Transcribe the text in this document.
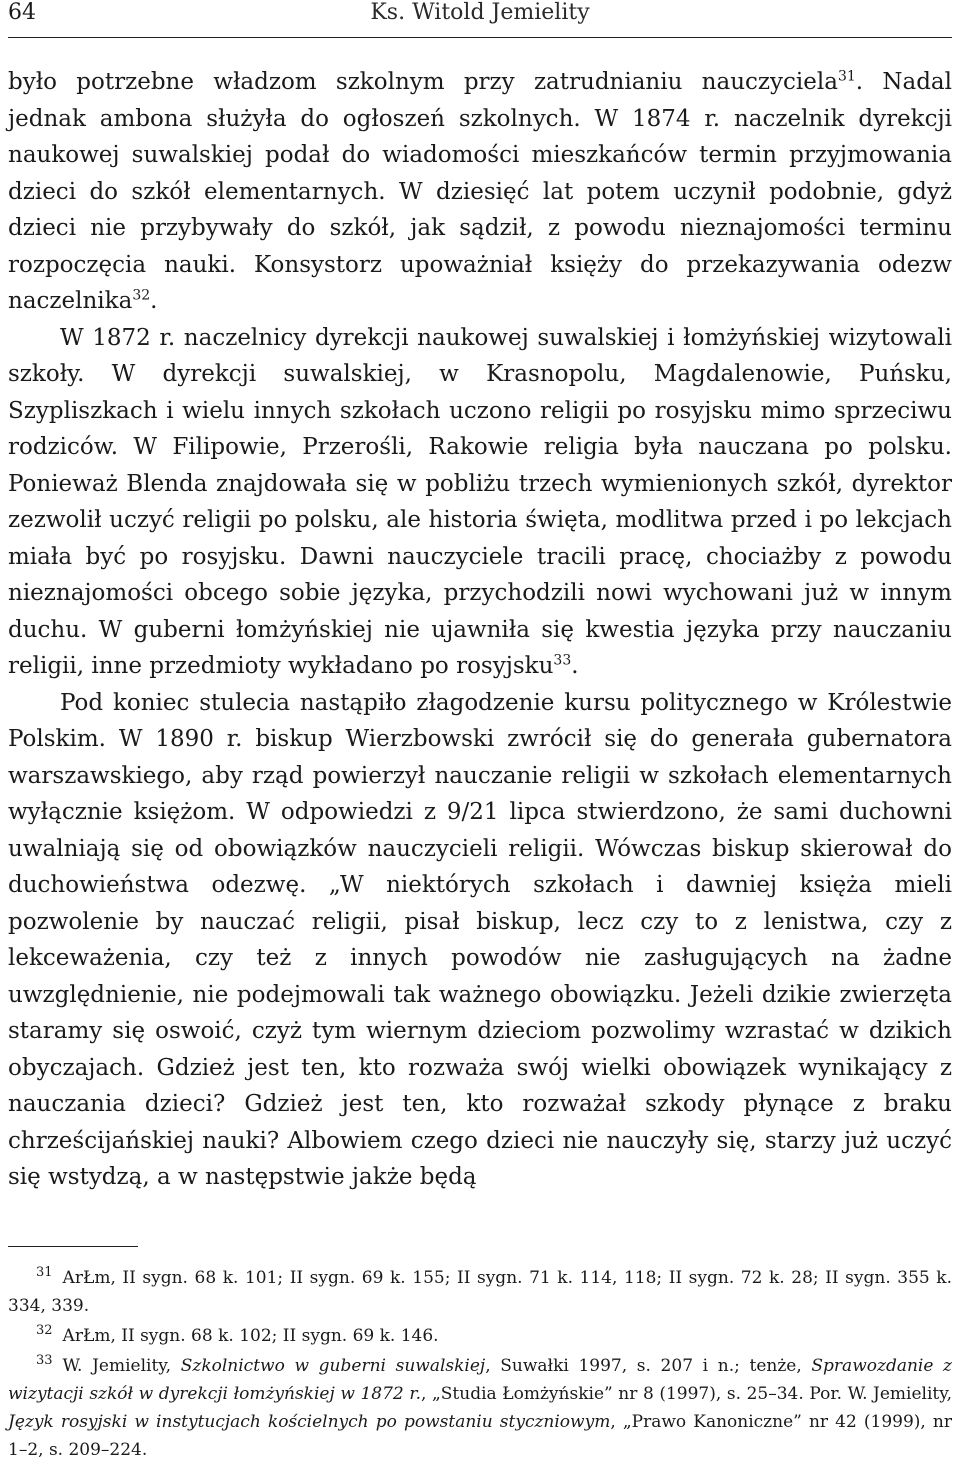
64	Ks. Witold Jemielity

było potrzebne władzom szkolnym przy zatrudnianiu nauczyciela$^{31}$. Nadal jednak ambona służyła do ogłoszeń szkolnych. W 1874 r. naczelnik dyrekcji naukowej suwalskiej podał do wiadomości mieszkańców termin przyjmowania dzieci do szkół elementarnych. W dziesięć lat potem uczynił podobnie, gdyż dzieci nie przybywały do szkół, jak sądził, z powodu nieznajomości terminu rozpoczęcia nauki. Konsystorz upoważniał księży do przekazywania odezw naczelnika$^{32}$.

W 1872 r. naczelnicy dyrekcji naukowej suwalskiej i łomżyńskiej wizytowali szkoły. W dyrekcji suwalskiej, w Krasnopolu, Magdalenowie, Puńsku, Szypliszkach i wielu innych szkołach uczono religii po rosyjsku mimo sprzeciwu rodziców. W Filipowie, Przerośli, Rakowie religia była nauczana po polsku. Ponieważ Blenda znajdowała się w pobliżu trzech wymienionych szkół, dyrektor zezwolił uczyć religii po polsku, ale historia święta, modlitwa przed i po lekcjach miała być po rosyjsku. Dawni nauczyciele tracili pracę, chociażby z powodu nieznajomości obcego sobie języka, przychodzili nowi wychowani już w innym duchu. W guberni łomżyńskiej nie ujawniła się kwestia języka przy nauczaniu religii, inne przedmioty wykładano po rosyjsku$^{33}$.

Pod koniec stulecia nastąpiło złagodzenie kursu politycznego w Królestwie Polskim. W 1890 r. biskup Wierzbowski zwrócił się do generała gubernatora warszawskiego, aby rząd powierzył nauczanie religii w szkołach elementarnych wyłącznie księżom. W odpowiedzi z 9/21 lipca stwierdzono, że sami duchowni uwalniają się od obowiązków nauczycieli religii. Wówczas biskup skierował do duchowieństwa odezwę. „W niektórych szkołach i dawniej księża mieli pozwolenie by nauczać religii, pisał biskup, lecz czy to z lenistwa, czy z lekceważenia, czy też z innych powodów nie zasługujących na żadne uwzględnienie, nie podejmowali tak ważnego obowiązku. Jeżeli dzikie zwierzęta staramy się oswoić, czyż tym wiernym dzieciom pozwolimy wzrastać w dzikich obyczajach. Gdzież jest ten, kto rozważa swój wielki obowiązek wynikający z nauczania dzieci? Gdzież jest ten, kto rozważał szkody płynące z braku chrześcijańskiej nauki? Albowiem czego dzieci nie nauczyły się, starzy już uczyć się wstydzą, a w następstwie jakże będą

31 ArŁm, II sygn. 68 k. 101; II sygn. 69 k. 155; II sygn. 71 k. 114, 118; II sygn. 72 k. 28; II sygn. 355 k. 334, 339.

32 ArŁm, II sygn. 68 k. 102; II sygn. 69 k. 146.

33 W. Jemielity, Szkolnictwo w guberni suwalskiej, Suwałki 1997, s. 207 i n.; tenże, Sprawozdanie z wizytacji szkół w dyrekcji łomżyńskiej w 1872 r., „Studia Łomżyńskie” nr 8 (1997), s. 25–34. Por. W. Jemielity, Język rosyjski w instytucjach kościelnych po powstaniu styczniowym, „Prawo Kanoniczne” nr 42 (1999), nr 1–2, s. 209–224.
